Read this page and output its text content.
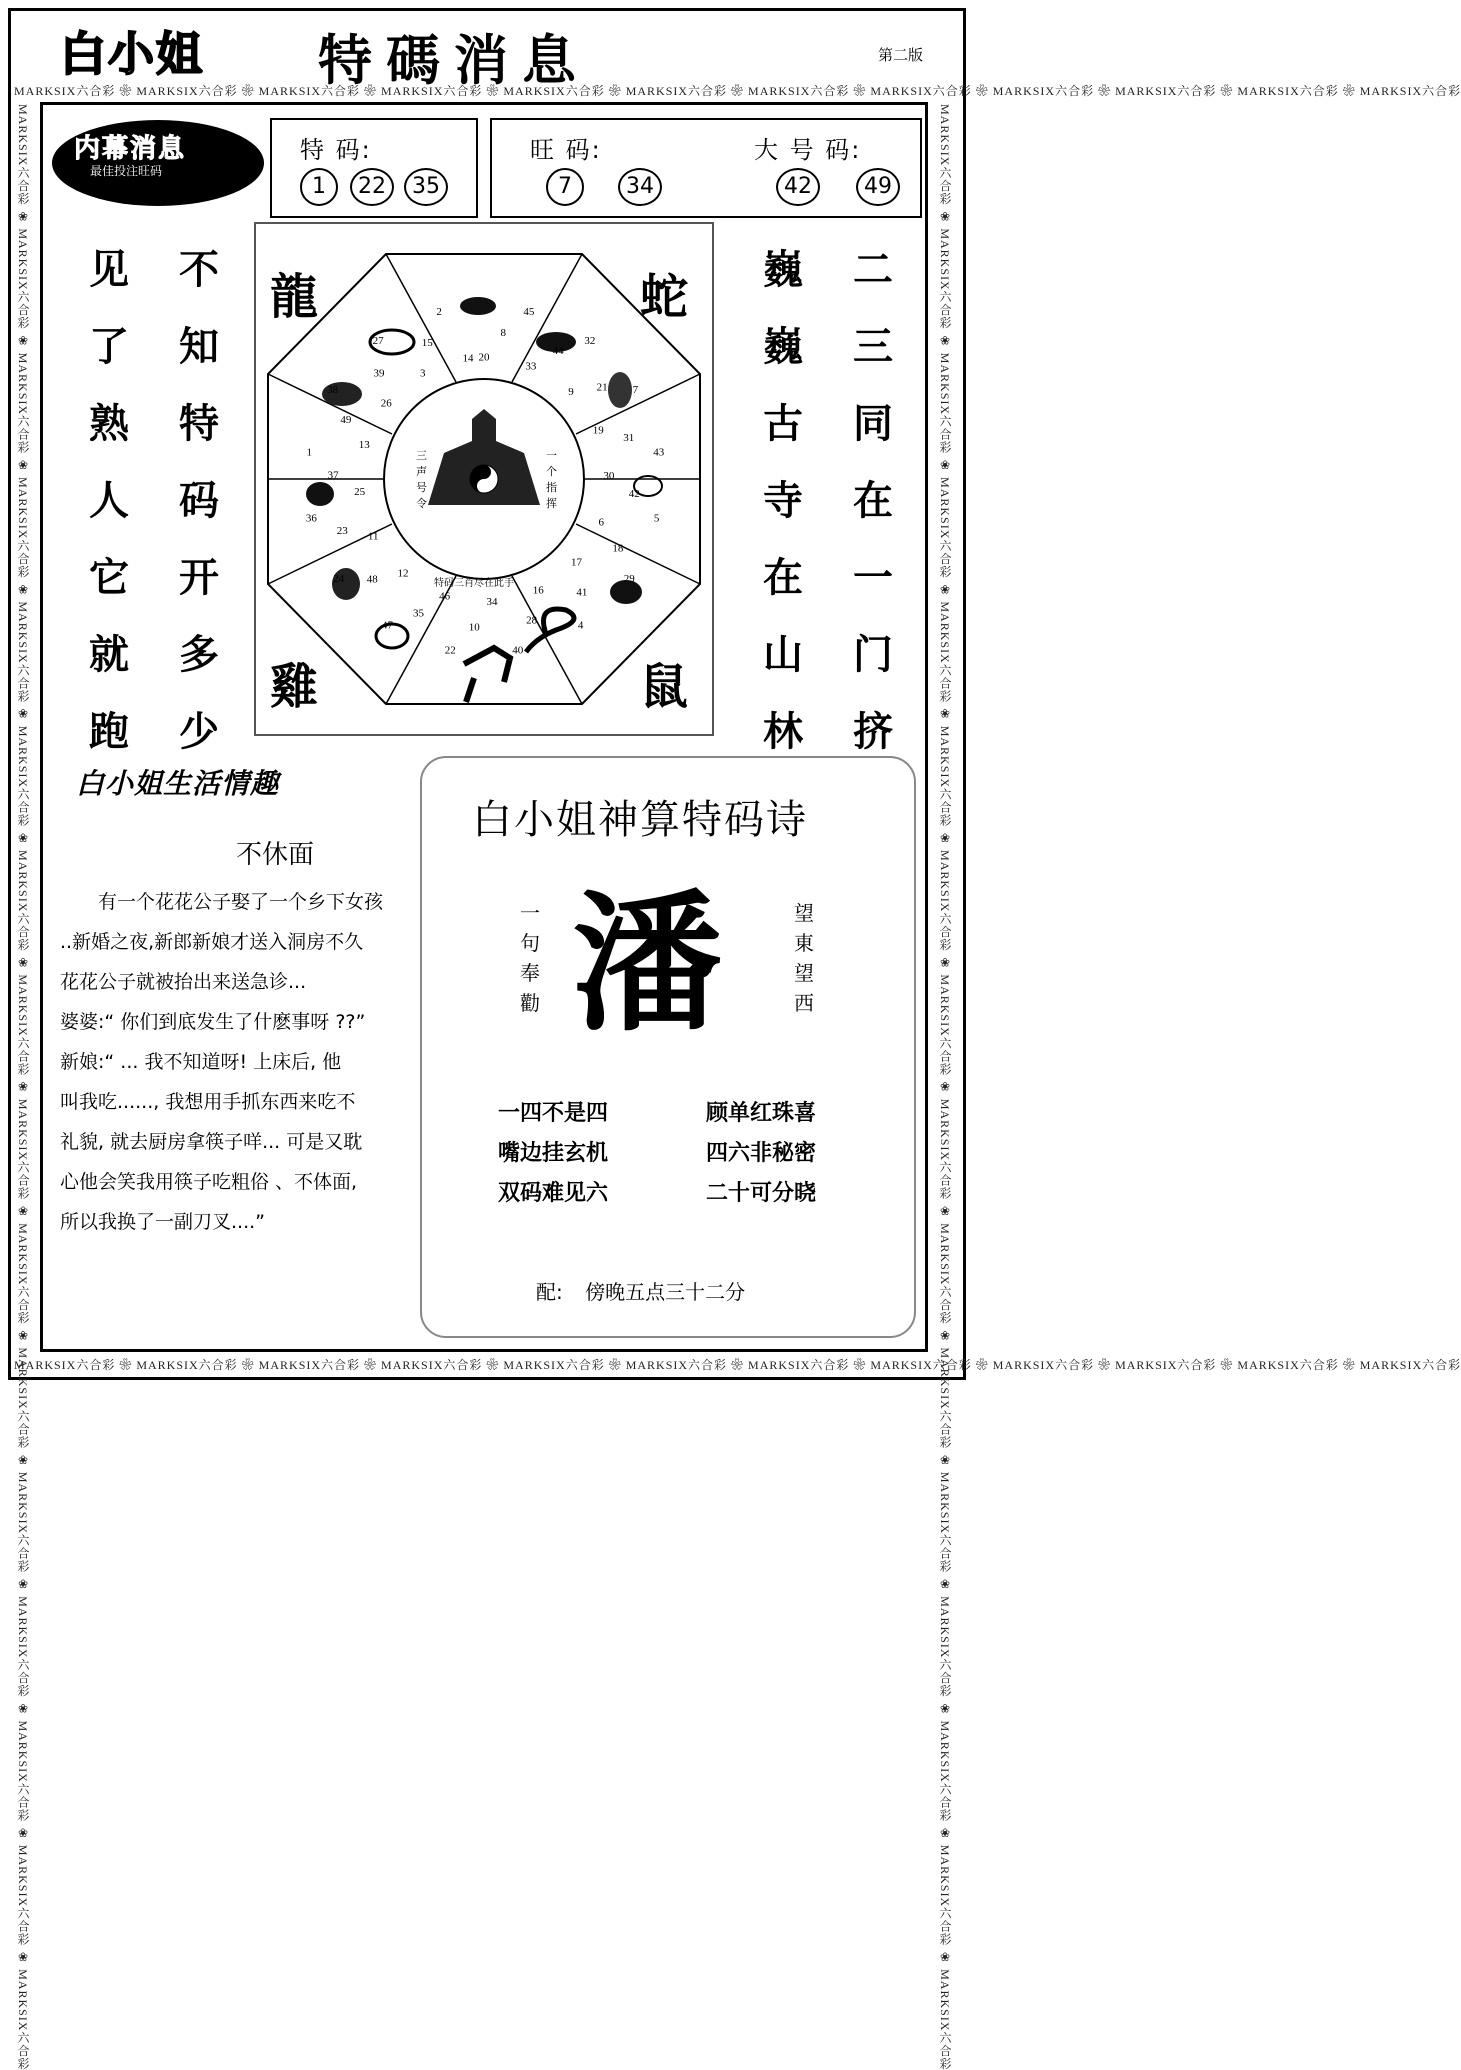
MARKSIX六合彩 ❀ MARKSIX六合彩 ❀ MARKSIX六合彩 ❀ MARKSIX六合彩 ❀ MARKSIX六合彩 ❀ MARKSIX六合彩 ❀ MARKSIX六合彩 ❀ MARKSIX六合彩 ❀ MARKSIX六合彩 ❀ MARKSIX六合彩 ❀ MARKSIX六合彩 ❀ MARKSIX六合彩
MARKSIX六合彩 ❀ MARKSIX六合彩 ❀ MARKSIX六合彩 ❀ MARKSIX六合彩 ❀ MARKSIX六合彩 ❀ MARKSIX六合彩 ❀ MARKSIX六合彩 ❀ MARKSIX六合彩 ❀ MARKSIX六合彩 ❀ MARKSIX六合彩 ❀ MARKSIX六合彩 ❀ MARKSIX六合彩
MARKSIX六合彩 ❀ MARKSIX六合彩 ❀ MARKSIX六合彩 ❀ MARKSIX六合彩 ❀ MARKSIX六合彩 ❀ MARKSIX六合彩 ❀ MARKSIX六合彩 ❀ MARKSIX六合彩 ❀ MARKSIX六合彩 ❀ MARKSIX六合彩 ❀ MARKSIX六合彩 ❀ MARKSIX六合彩 ❀ MARKSIX六合彩 ❀ MARKSIX六合彩 ❀ MARKSIX六合彩 ❀ MARKSIX六合彩	MARKSIX六合彩 ❀ MARKSIX六合彩 ❀ MARKSIX六合彩 ❀ MARKSIX六合彩 ❀ MARKSIX六合彩 ❀ MARKSIX六合彩 ❀ MARKSIX六合彩 ❀ MARKSIX六合彩 ❀ MARKSIX六合彩 ❀ MARKSIX六合彩 ❀ MARKSIX六合彩 ❀ MARKSIX六合彩 ❀ MARKSIX六合彩 ❀ MARKSIX六合彩 ❀ MARKSIX六合彩 ❀ MARKSIX六合彩
白小姐 特碼消息	第二版
内幕消息
最佳投注旺码
特 码:
1	22	35
旺 码:
7	34
大 号 码:
42	49
见了熟人它就跑
不知特码开多少
巍巍古寺在山林
二三同在一门挤
20
8
45
33
44
32
9 21 7
19
31
43
30
42
5
6
18
29
17
41
4
16
28
40
34
10
22
46
35
47
12
48
24
11
23
36
25
37
1
13
49
38
26
39
27
3
15
2
14
龍	蛇
鼠
雞
三声号令
一个指挥
特码三肖尽在此手
白小姐生活情趣
不休面
有一个花花公子娶了一个乡下女孩
..新婚之夜,新郎新娘才送入洞房不久
花花公子就被抬出来送急诊...
婆婆:“ 你们到底发生了什麽事呀 ??”
新娘:“ ... 我不知道呀! 上床后, 他
叫我吃......, 我想用手抓东西来吃不
礼貌, 就去厨房拿筷子咩... 可是又耽
心他会笑我用筷子吃粗俗 、不体面,
所以我换了一副刀叉....”
白小姐神算特码诗
一句奉勸 潘	望東望西
一四不是四
嘴边挂玄机
双码难见六
顾单红珠喜
四六非秘密
二十可分晓
配: 傍晚五点三十二分
